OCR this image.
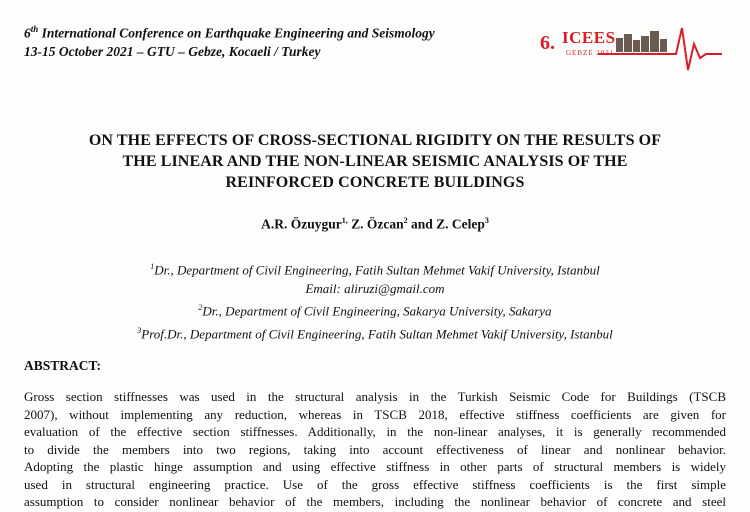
6th International Conference on Earthquake Engineering and Seismology
13-15 October 2021 – GTU – Gebze, Kocaeli / Turkey	6. ICEES
GEBZE 2021
ON THE EFFECTS OF CROSS-SECTIONAL RIGIDITY ON THE RESULTS OF
THE LINEAR AND THE NON-LINEAR SEISMIC ANALYSIS OF THE
REINFORCED CONCRETE BUILDINGS
A.R. Özuygur$^{1,}$ Z. Özcan$^2$ and Z. Celep$^3$
$^1$Dr., Department of Civil Engineering, Fatih Sultan Mehmet Vakif University, Istanbul
Email: aliruzi@gmail.com
$^2$Dr., Department of Civil Engineering, Sakarya University, Sakarya
$^3$Prof.Dr., Department of Civil Engineering, Fatih Sultan Mehmet Vakif University, Istanbul
ABSTRACT:
Gross section stiffnesses was used in the structural analysis in the Turkish Seismic Code for Buildings (TSCB
2007), without implementing any reduction, whereas in TSCB 2018, effective stiffness coefficients are given for
evaluation of the effective section stiffnesses. Additionally, in the non-linear analyses, it is generally recommended
to divide the members into two regions, taking into account effectiveness of linear and nonlinear behavior.
Adopting the plastic hinge assumption and using effective stiffness in other parts of structural members is widely
used in structural engineering practice. Use of the gross effective stiffness coefficients is the first simple
assumption to consider nonlinear behavior of the members, including the nonlinear behavior of concrete and steel
